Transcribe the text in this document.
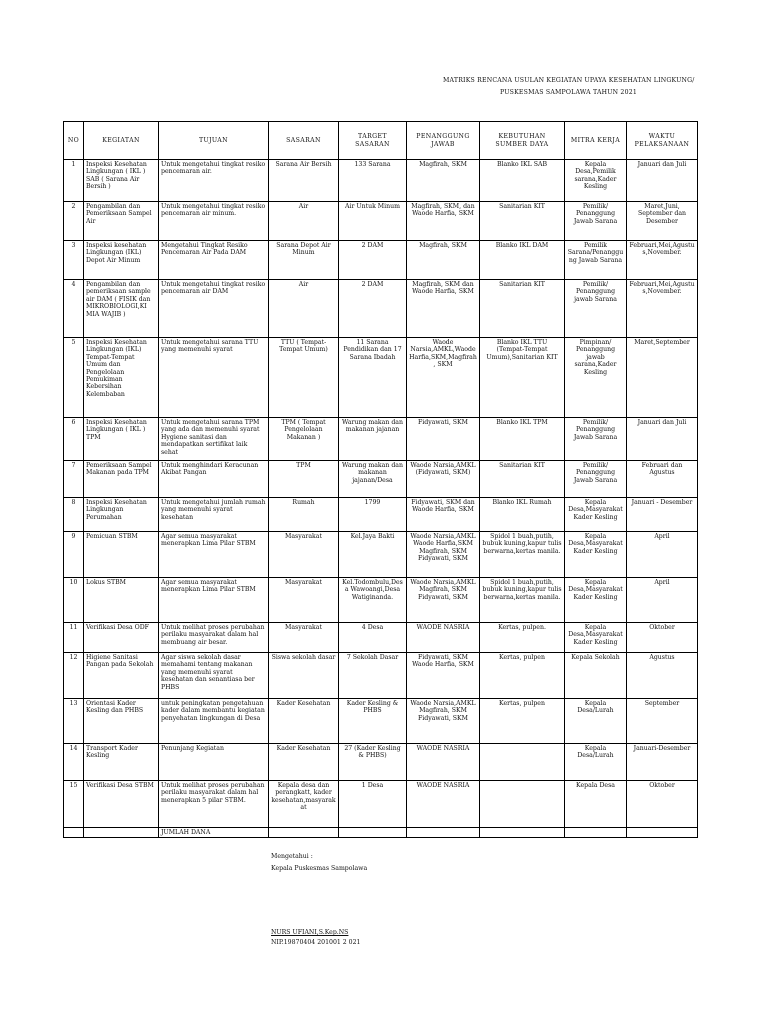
MATRIKS RENCANA USULAN KEGIATAN UPAYA KESEHATAN LINGKUNG/
PUSKESMAS SAMPOLAWA TAHUN 2021
NO	KEGIATAN	TUJUAN	SASARAN	TARGET SASARAN	PENANGGUNG JAWAB	KEBUTUHAN SUMBER DAYA	MITRA KERJA	WAKTU PELAKSANAAN
1	Inspeksi Kesehatan Lingkungan ( IKL ) SAB ( Sarana Air Bersih )	Untuk mengetahui tingkat resiko pencemaran air.	Sarana Air Bersih	133 Sarana	Magfirah, SKM	Blanko IKL SAB	Kepala Desa,Pemilik sarana,Kader Kesling	Januari dan Juli
2	Pengambilan dan Pemeriksaan Sampel Air	Untuk mengetahui tingkat resiko pencemaran air minum.	Air	Air Untuk Minum	Magfirah, SKM, dan Waode Harfia, SKM	Sanitarian KIT	Pemilik/ Penanggung Jawab Sarana	Maret,Juni, September dan Desember
3	Inspeksi kesehatan Lingkungan (IKL) Depot Air Minum	Mengetahui Tingkat Resiko Pencemaran Air Pada DAM	Sarana Depot Air Minum	2 DAM	Magfirah, SKM	Blanko IKL DAM	Pemilik Sarana/Penanggung Jawab Sarana	Februari,Mei,Agustus,November.
4	Pengambilan dan pemeriksaan sample air DAM ( FISIK dan MIKROBIOLOGI,KI MIA WAJIB )	Untuk mengetahui tingkat resiko pencemaran air DAM	Air	2 DAM	Magfirah, SKM dan Waode Harfia, SKM	Sanitarian KIT	Pemilik/ Penanggung jawab Sarana	Februari,Mei,Agustus,November.
5	Inspeksi Kesehatan Lingkungan (IKL) Tempat-Tempat Umum dan Pengelolaan Pemukiman Kebersihan Kelembaban	Untuk mengetahui sarana TTU yang memenuhi syarat	TTU ( Tempat-Tempat Umum)	11 Sarana Pendidikan dan 17 Sarana Ibadah	Waode Narsia,AMKL,Waode Harfia,SKM,Magfirah, SKM	Blanko IKL TTU (Tempat-Tempat Umum),Sanitarian KIT	Pimpinan/ Penanggung jawab sarana,Kader Kesling	Maret,September
6	Inspeksi Kesehatan Lingkungan ( IKL ) TPM	Untuk mengetahui sarana TPM yang ada dan memenuhi syarat Hygiene sanitasi dan mendapatkan sertifikat laik sehat	TPM ( Tempat Pengelolaan Makanan )	Warung makan dan makanan jajanan	Fidyawati, SKM	Blanko IKL TPM	Pemilik/ Penanggung Jawab Sarana	Januari dan Juli
7	Pemeriksaan Sampel Makanan pada TPM	Untuk menghindari Keracunan Akibat Pangan	TPM	Warung makan dan makanan jajanan/Desa	Waode Narsia,AMKL (Fidyawati, SKM)	Sanitarian KIT	Pemilik/ Penanggung Jawab Sarana	Februari dan Agustus
8	Inspeksi Kesehatan Lingkungan Perumahan	Untuk mengetahui jumlah rumah yang memenuhi syarat kesehatan	Rumah	1799	Fidyawati, SKM dan Waode Harfia, SKM	Blanko IKL Rumah	Kepala Desa,Masyarakat Kader Kesling	Januari - Desember
9	Pemicuan STBM	Agar semua masyarakat menerapkan Lima Pilar STBM	Masyarakat	Kel.Jaya Bakti	Waode Narsia,AMKL Waode Harfia,SKM Magfirah, SKM Fidyawati, SKM	Spidol 1 buah,putih, bubuk kuning,kapur tulis berwarna,kertas manila.	Kepala Desa,Masyarakat Kader Kesling	April
10	Lokus STBM	Agar semua masyarakat menerapkan Lima Pilar STBM	Masyarakat	Kel.Todombulu,Desa Wawoangi,Desa Watiginanda.	Waode Narsia,AMKL Magfirah, SKM Fidyawati, SKM	Spidol 1 buah,putih, bubuk kuning,kapur tulis berwarna,kertas manila.	Kepala Desa,Masyarakat Kader Kesling	April
11	Verifikasi Desa ODF	Untuk melihat proses perubahan perilaku masyarakat dalam hal membuang air besar.	Masyarakat	4 Desa	WAODE NASRIA	Kertas, pulpen.	Kepala Desa,Masyarakat Kader Kesling	Oktober
12	Higiene Sanitasi Pangan pada Sekolah	Agar siswa sekolah dasar memahami tentang makanan yang memenuhi syarat kesehatan dan senantiasa ber PHBS	Siswa sekolah dasar	7 Sekolah Dasar	Fidyawati, SKM Waode Harfia, SKM	Kertas, pulpen	Kepala Sekolah	Agustus
13	Orientasi Kader Kesling dan PHBS	untuk peningkatan pengetahuan kader dalam membantu kegiatan penyehatan lingkungan di Desa	Kader Kesehatan	Kader Kesling & PHBS	Waode Narsia,AMKL Magfirah, SKM Fidyawati, SKM	Kertas, pulpen	Kepala Desa/Lurah	September
14	Transport Kader Kesling	Penunjang Kegiatan	Kader Kesehatan	27 (Kader Kesling & PHBS)	WAODE NASRIA		Kepala Desa/Lurah	Januari-Desember
15	Verifikasi Desa STBM	Untuk melihat proses perubahan perilaku masyarakat dalam hal menerapkan 5 pilar STBM.	Kepala desa dan perangkatt, kader kesehatan,masyarakat	1 Desa	WAODE NASRIA		Kepala Desa	Oktober
		JUMLAH DANA						
Mengetahui :
Kepala Puskesmas Sampolawa
NURS UFIANI,S.Kep.NS
NIP.19870404 201001 2 021
